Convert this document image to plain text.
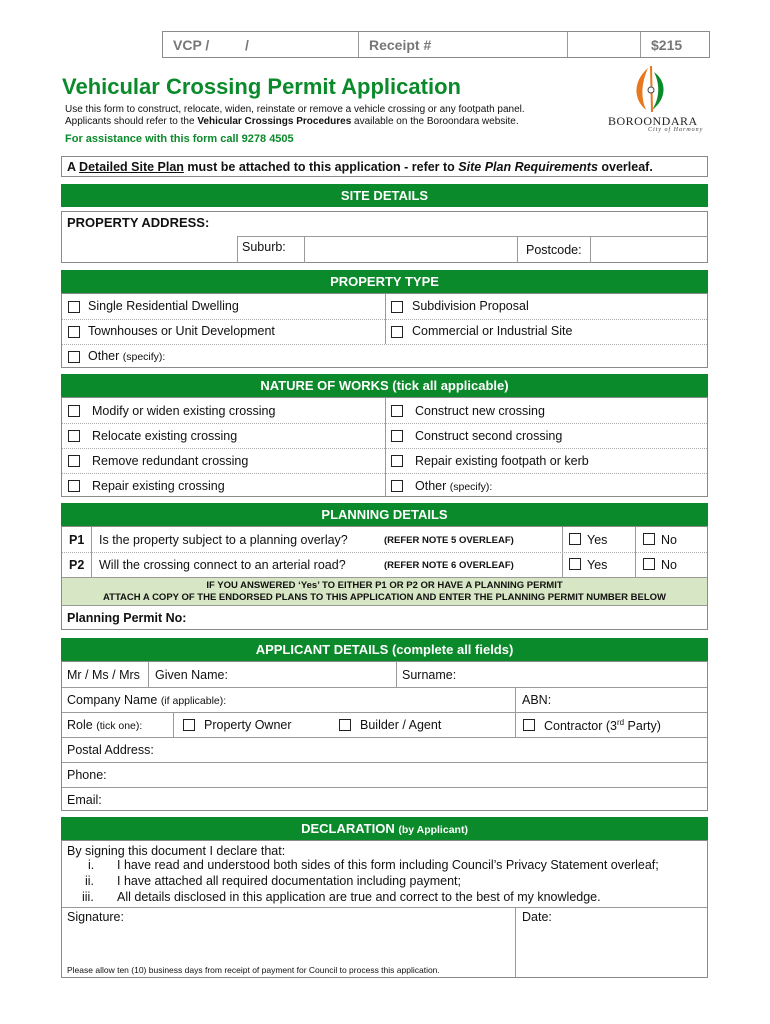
VCP /	/	Receipt #	$215
Vehicular Crossing Permit Application
Use this form to construct, relocate, widen, reinstate or remove a vehicle crossing or any footpath panel.
Applicants should refer to the Vehicular Crossings Procedures available on the Boroondara website.
For assistance with this form call 9278 4505
BOROONDARA
City of Harmony
A Detailed Site Plan must be attached to this application - refer to Site Plan Requirements overleaf.
SITE DETAILS
PROPERTY ADDRESS:
Suburb:	Postcode:
PROPERTY TYPE
Single Residential Dwelling	Subdivision Proposal
Townhouses or Unit Development	Commercial or Industrial Site
Other (specify):
NATURE OF WORKS (tick all applicable)
Modify or widen existing crossing	Construct new crossing
Relocate existing crossing	Construct second crossing
Remove redundant crossing	Repair existing footpath or kerb
Repair existing crossing	Other (specify):
PLANNING DETAILS
P1 Is the property subject to a planning overlay?	(REFER NOTE 5 OVERLEAF)	Yes	No
P2 Will the crossing connect to an arterial road?	(REFER NOTE 6 OVERLEAF)	Yes	No
IF YOU ANSWERED ‘Yes’ TO EITHER P1 OR P2 OR HAVE A PLANNING PERMIT
ATTACH A COPY OF THE ENDORSED PLANS TO THIS APPLICATION AND ENTER THE PLANNING PERMIT NUMBER BELOW
Planning Permit No:
APPLICANT DETAILS (complete all fields)
Mr / Ms / Mrs Given Name:	Surname:
Company Name (if applicable):	ABN:
Role (tick one):	Property Owner	Builder / Agent	Contractor (3rd Party)
Postal Address:
Phone:
Email:
DECLARATION (by Applicant)
By signing this document I declare that:
i. I have read and understood both sides of this form including Council’s Privacy Statement overleaf;
ii. I have attached all required documentation including payment;
iii. All details disclosed in this application are true and correct to the best of my knowledge.
Signature:	Date:
Please allow ten (10) business days from receipt of payment for Council to process this application.
